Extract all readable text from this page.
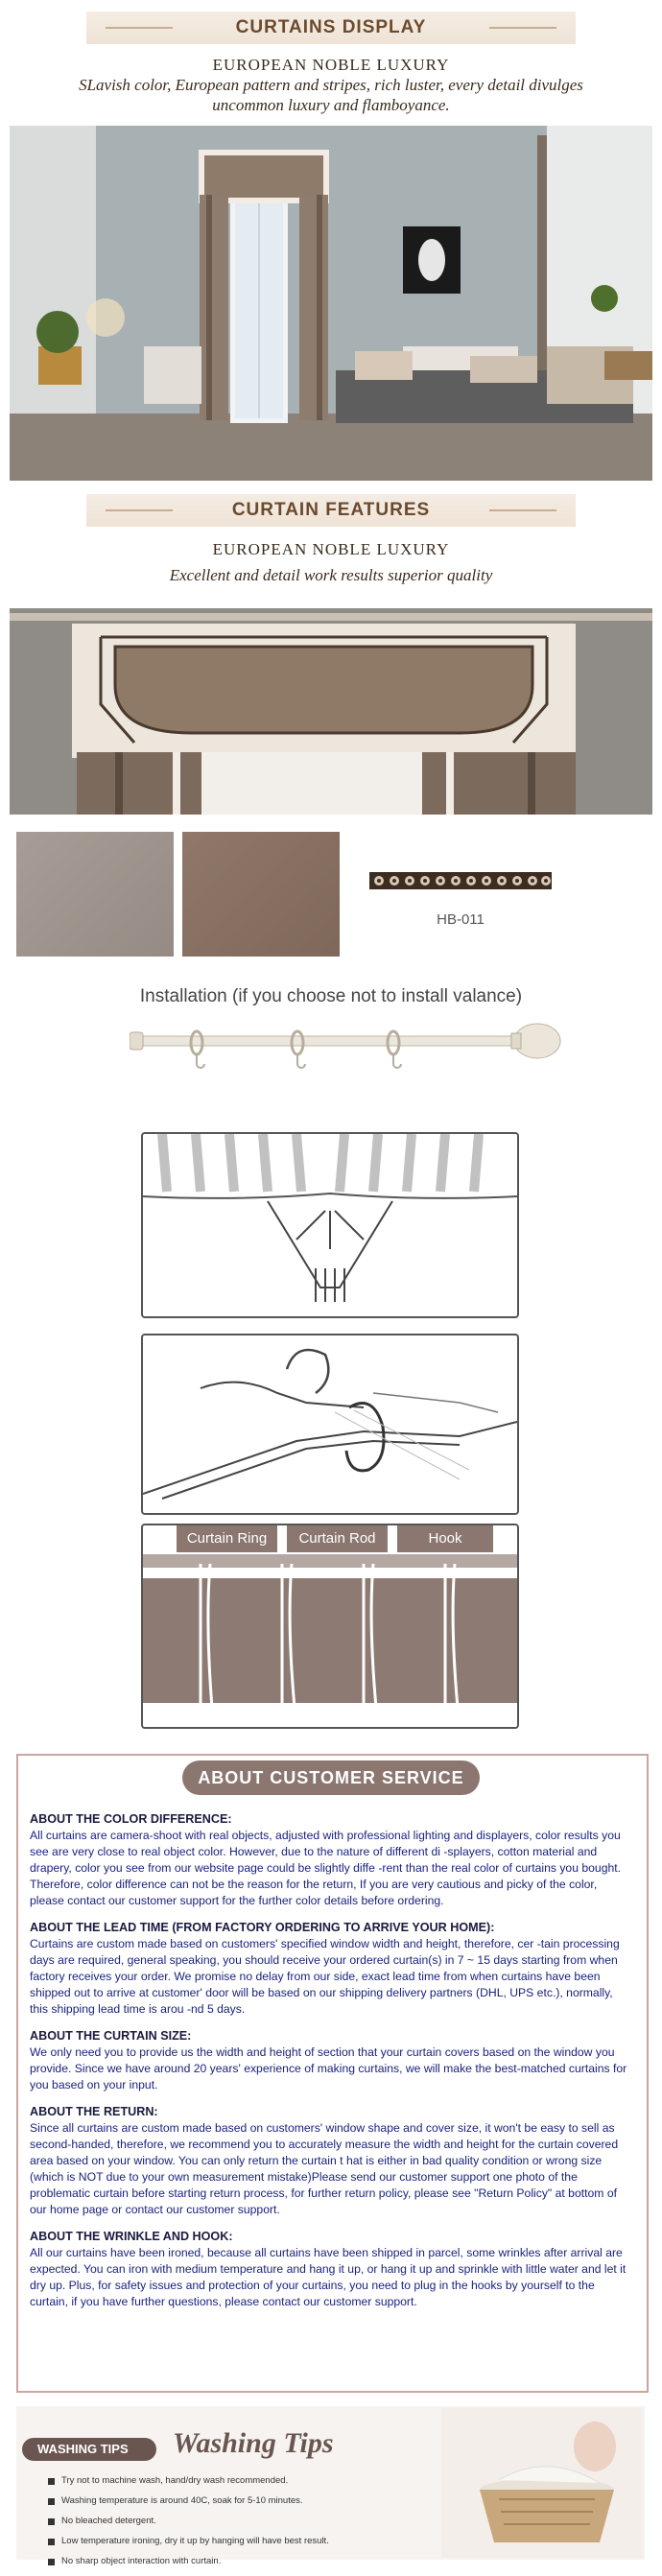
CURTAINS DISPLAY
EUROPEAN NOBLE LUXURY
SLavish color, European pattern and stripes, rich luster, every detail divulges uncommon luxury and flamboyance.
CURTAIN FEATURES
EUROPEAN NOBLE LUXURY
Excellent and detail work results superior quality
HB-011
Installation (if you choose not to install valance)
Curtain Ring	Curtain Rod	Hook
ABOUT CUSTOMER SERVICE
ABOUT THE COLOR DIFFERENCE:

All curtains are camera-shoot with real objects, adjusted with professional lighting and displayers, color results you see are very close to real object color. However, due to the nature of different di -splayers, cotton material and drapery, color you see from our website page could be slightly diffe -rent than the real color of curtains you bought. Therefore, color difference can not be the reason for the return, If you are very cautious and picky of the color, please contact our customer support for the further color details before ordering.

ABOUT THE LEAD TIME (FROM FACTORY ORDERING TO ARRIVE YOUR HOME):

Curtains are custom made based on customers' specified window width and height, therefore, cer -tain processing days are required, general speaking, you should receive your ordered curtain(s) in 7 ~ 15 days starting from when factory receives your order. We promise no delay from our side, exact lead time from when curtains have been shipped out to arrive at customer' door will be based on our shipping delivery partners (DHL, UPS etc.), normally, this shipping lead time is arou -nd 5 days.

ABOUT THE CURTAIN SIZE:

We only need you to provide us the width and height of section that your curtain covers based on the window you provide. Since we have around 20 years' experience of making curtains, we will make the best-matched curtains for you based on your input.

ABOUT THE RETURN:

Since all curtains are custom made based on customers' window shape and cover size, it won't be easy to sell as second-handed, therefore, we recommend you to accurately measure the width and height for the curtain covered area based on your window. You can only return the curtain t hat is either in bad quality condition or wrong size (which is NOT due to your own measurement mistake)Please send our customer support one photo of the problematic curtain before starting return process, for further return policy, please see "Return Policy" at bottom of our home page or contact our customer support.

ABOUT THE WRINKLE AND HOOK:

All our curtains have been ironed, because all curtains have been shipped in parcel, some wrinkles after arrival are expected. You can iron with medium temperature and hang it up, or hang it up and sprinkle with little water and let it dry up. Plus, for safety issues and protection of your curtains, you need to plug in the hooks by yourself to the curtain, if you have further questions, please contact our customer support.

WASHING TIPS	Washing Tips
Try not to machine wash, hand/dry wash recommended.
Washing temperature is around 40C, soak for 5-10 minutes.
No bleached detergent.
Low temperature ironing, dry it up by hanging will have best result.
No sharp object interaction with curtain.
